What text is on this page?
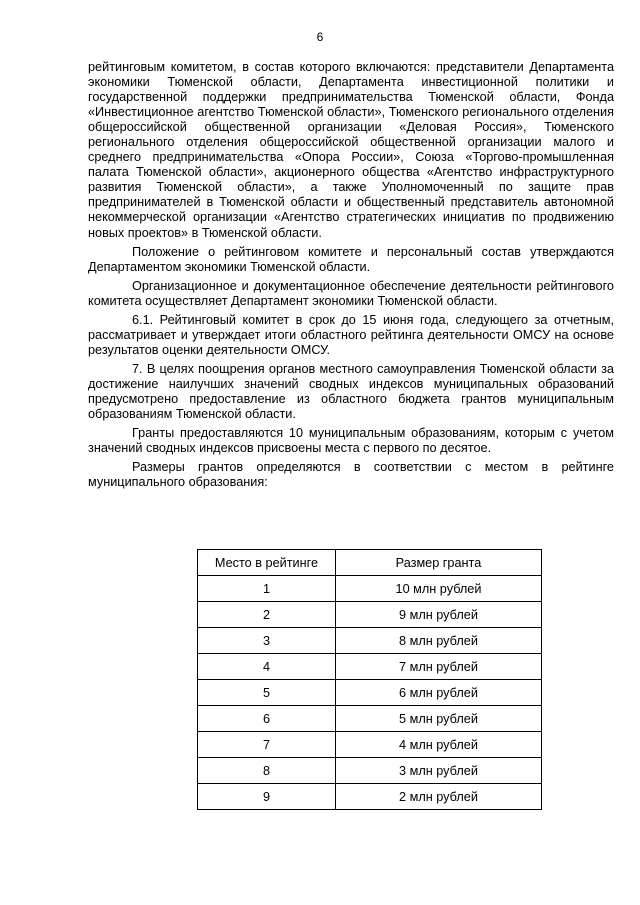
6

рейтинговым комитетом, в состав которого включаются: представители Департамента экономики Тюменской области, Департамента инвестиционной политики и государственной поддержки предпринимательства Тюменской области, Фонда «Инвестиционное агентство Тюменской области», Тюменского регионального отделения общероссийской общественной организации «Деловая Россия», Тюменского регионального отделения общероссийской общественной организации малого и среднего предпринимательства «Опора России», Союза «Торгово-промышленная палата Тюменской области», акционерного общества «Агентство инфраструктурного развития Тюменской области», а также Уполномоченный по защите прав предпринимателей в Тюменской области и общественный представитель автономной некоммерческой организации «Агентство стратегических инициатив по продвижению новых проектов» в Тюменской области.

Положение о рейтинговом комитете и персональный состав утверждаются Департаментом экономики Тюменской области.

Организационное и документационное обеспечение деятельности рейтингового комитета осуществляет Департамент экономики Тюменской области.

6.1. Рейтинговый комитет в срок до 15 июня года, следующего за отчетным, рассматривает и утверждает итоги областного рейтинга деятельности ОМСУ на основе результатов оценки деятельности ОМСУ.

7. В целях поощрения органов местного самоуправления Тюменской области за достижение наилучших значений сводных индексов муниципальных образований предусмотрено предоставление из областного бюджета грантов муниципальным образованиям Тюменской области.

Гранты предоставляются 10 муниципальным образованиям, которым с учетом значений сводных индексов присвоены места с первого по десятое.

Размеры грантов определяются в соответствии с местом в рейтинге муниципального образования:

Место в рейтинге	Размер гранта
1	10 млн рублей
2	9 млн рублей
3	8 млн рублей
4	7 млн рублей
5	6 млн рублей
6	5 млн рублей
7	4 млн рублей
8	3 млн рублей
9	2 млн рублей
